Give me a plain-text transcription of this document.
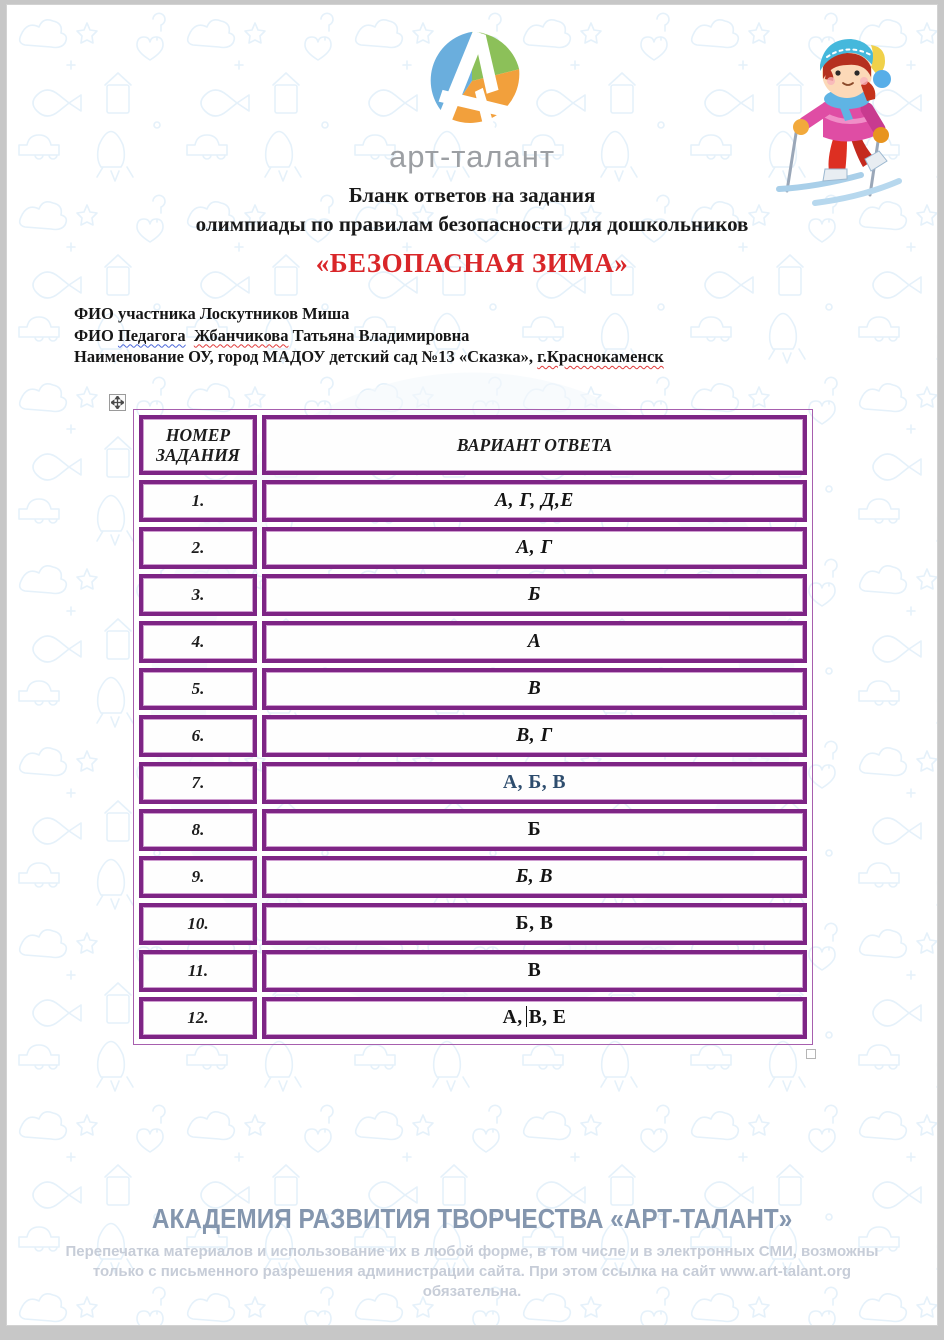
арт-талант
Бланк ответов на задания
олимпиады по правилам безопасности для дошкольников
«БЕЗОПАСНАЯ ЗИМА»
ФИО участника Лоскутников Миша
ФИО Педагога Жбанчикова Татьяна Владимировна
Наименование ОУ, город МАДОУ детский сад №13 «Сказка», г.Краснокаменск
НОМЕР ЗАДАНИЯ	ВАРИАНТ ОТВЕТА
1.	А, Г, Д,Е
2.	А, Г
3.	Б
4.	А
5.	В
6.	В, Г
7.	А, Б, В
8.	Б
9.	Б, В
10.	Б, В
11.	В
12.	А, В, Е
АКАДЕМИЯ РАЗВИТИЯ ТВОРЧЕСТВА «АРТ-ТАЛАНТ»
Перепечатка материалов и использование их в любой форме, в том числе и в электронных СМИ, возможны только с письменного разрешения администрации сайта. При этом ссылка на сайт www.art-talant.org обязательна.
